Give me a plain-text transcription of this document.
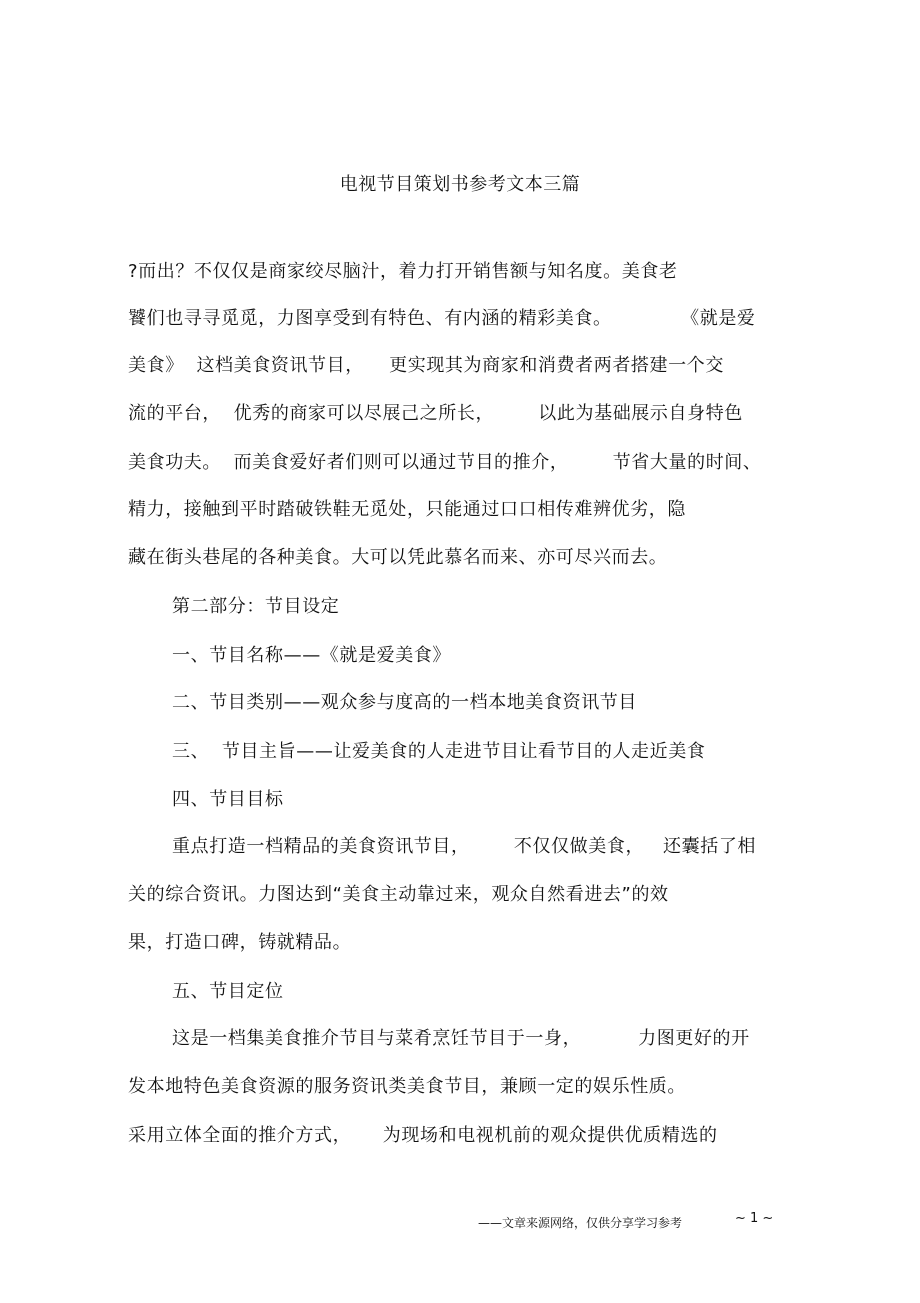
电视节目策划书参考文本三篇
?而出？不仅仅是商家绞尽脑汁，着力打开销售额与知名度。美食老
饕们也寻寻觅觅，力图享受到有特色、有内涵的精彩美食。           《就是爱
美食》  这档美食资讯节目，    更实现其为商家和消费者两者搭建一个交
流的平台，  优秀的商家可以尽展己之所长，       以此为基础展示自身特色
美食功夫。  而美食爱好者们则可以通过节目的推介，       节省大量的时间、
精力，接触到平时踏破铁鞋无觅处，只能通过口口相传难辨优劣，隐
藏在街头巷尾的各种美食。大可以凭此慕名而来、亦可尽兴而去。
第二部分：节目设定
一、节目名称——《就是爱美食》
二、节目类别——观众参与度高的一档本地美食资讯节目
三、  节目主旨——让爱美食的人走进节目让看节目的人走近美食
四、节目目标
重点打造一档精品的美食资讯节目，       不仅仅做美食，   还囊括了相
关的综合资讯。力图达到“美食主动靠过来，观众自然看进去”的效
果，打造口碑，铸就精品。
五、节目定位
这是一档集美食推介节目与菜肴烹饪节目于一身，         力图更好的开
发本地特色美食资源的服务资讯类美食节目，兼顾一定的娱乐性质。
采用立体全面的推介方式，     为现场和电视机前的观众提供优质精选的
——文章来源网络，仅供分享学习参考	~ 1 ~
